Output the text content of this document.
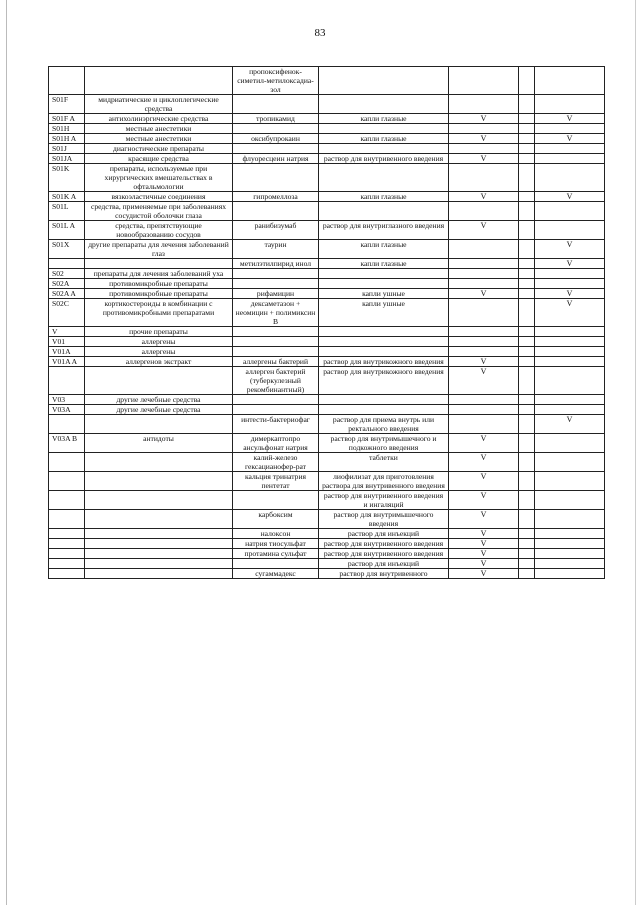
83
		пропоксифенок-симетил-метилоксадиа-зол				
S01F	мидриатические и циклоплегические средства					
S01F A	антихолинэргические средства	тропикамид	капли глазные	V		V
S01H	местные анестетики					
S01H A	местные анестетики	оксибупрокаин	капли глазные	V		V
S01J	диагностические препараты					
S01JA	красящие средства	флуоресцеин натрия	раствор для внутривенного введения	V		
S01K	препараты, используемые при хирургических вмешательствах в офтальмологии					
S01K A	вязкоэластичные соединения	гипромеллоза	капли глазные	V		V
S01L	средства, применяемые при заболеваниях сосудистой оболочки глаза					
S01L A	средства, препятствующие новообразованию сосудов	ранибизумаб	раствор для внутриглазного введения	V		
S01X	другие препараты для лечения заболеваний глаз	таурин	капли глазные			V
		метилэтилпирид инол	капли глазные			V
S02	препараты для лечения заболеваний уха					
S02A	противомикробные препараты					
S02A A	противомикробные препараты	рифамицин	капли ушные	V		V
S02C	кортикостероиды в комбинации с противомикробными препаратами	дексаметазон + неомицин + полимиксин В	капли ушные			V
V	прочие препараты					
V01	аллергены					
V01A	аллергены					
V01A A	аллергенов экстракт	аллергены бактерий	раствор для внутрикожного введения	V		
		аллерген бактерий (туберкулезный рекомбинантный)	раствор для внутрикожного введения	V		
V03	другие лечебные средства					
V03A	другие лечебные средства					
		интести-бактериофаг	раствор для приема внутрь или ректального введения			V
V03A B	антидоты	димеркаптопро ансульфонат натрия	раствор для внутримышечного и подкожного введения	V		
		калий-железо гексацианофер-рат	таблетки	V		
		кальция тринатрия пентетат	лиофилизат для приготовления раствора для внутривенного введения	V		
			раствор для внутривенного введения и ингаляций	V		
		карбоксим	раствор для внутримышечного введения	V		
		налоксон	раствор для инъекций	V		
		натрия тиосульфат	раствор для внутривенного введения	V		
		протамина сульфат	раствор для внутривенного введения	V		
			раствор для инъекций	V		
		сугаммадекс	раствор для внутривенного	V		
